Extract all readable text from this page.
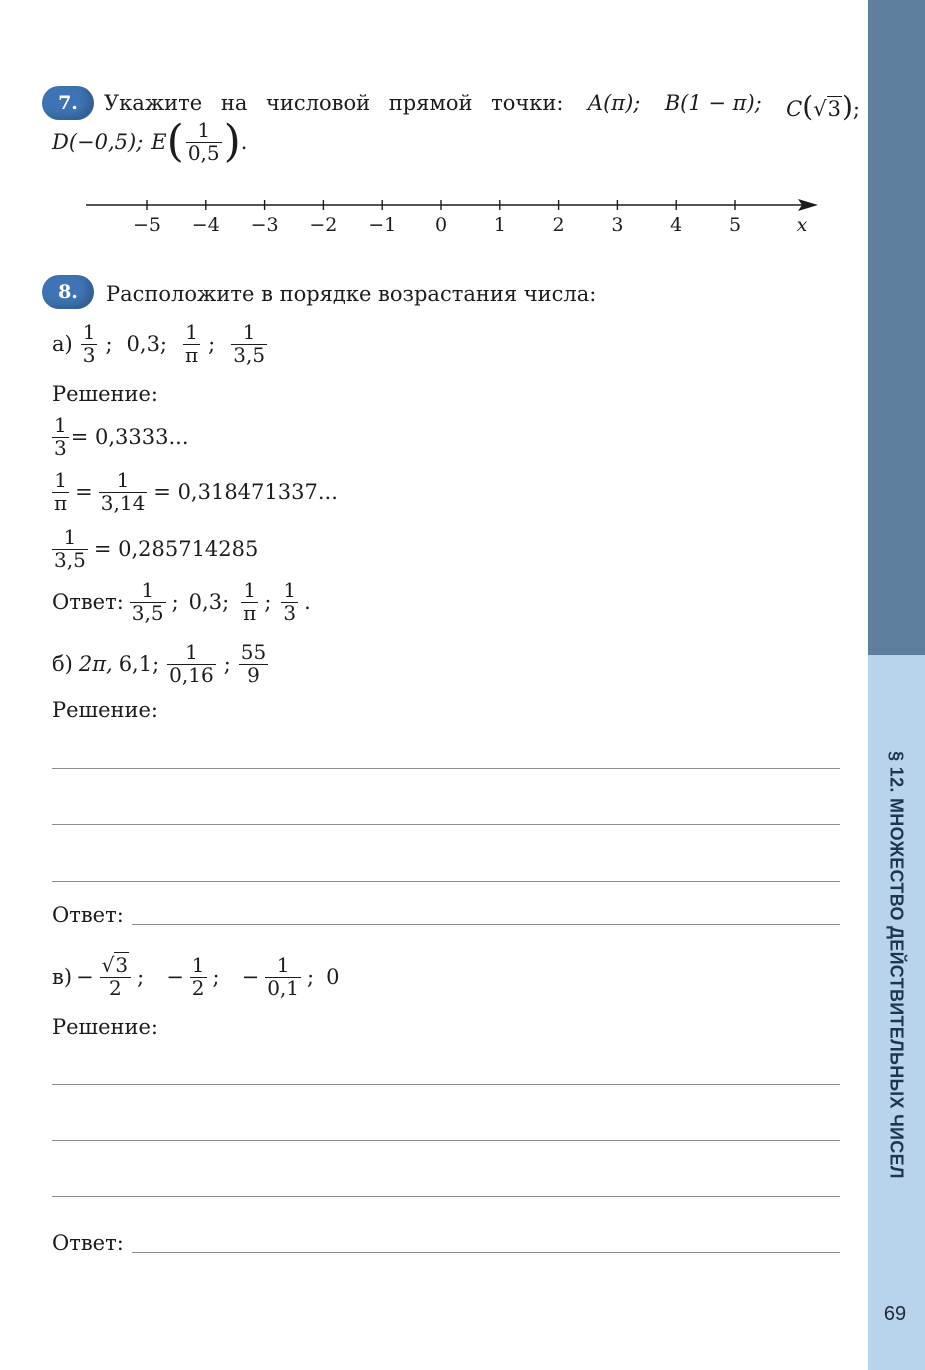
§ 12. МНОЖЕСТВО ДЕЙСТВИТЕЛЬНЫХ ЧИСЕЛ
69
7.	Укажите на числовой прямой точки: A(π); B(1 − π); C(√3);
D(−0,5); E ( $\frac{1}{0,5}$ ) .
−5 −4 −3 −2 −1 0 1 2 3 4 5	x
8.	Расположите в порядке возрастания числа:
$а) \frac{1}{3}$ ; 0,3; $\frac{1}{\pi}$ ; $\frac{1}{3,5}$
Решение:
$\frac{1}{3} = 0,3333$...
$\frac{1}{\pi} = \frac{1}{3,14} = 0,318471337$...
$\frac{1}{3,5} = 0,285714285$
Ответ: $\frac{1}{3,5}$ ; 0,3; $\frac{1}{\pi}$ ; $\frac{1}{3}$ .
б) 2π, 6,1; $\frac{1}{0,16}$ ; $\frac{55}{9}$
Решение:
Ответ:
$в) - \frac{√3}{2}$ ; − $\frac{1}{2}$ ; − $\frac{1}{0,1}$ ; 0
Решение:
Ответ:
